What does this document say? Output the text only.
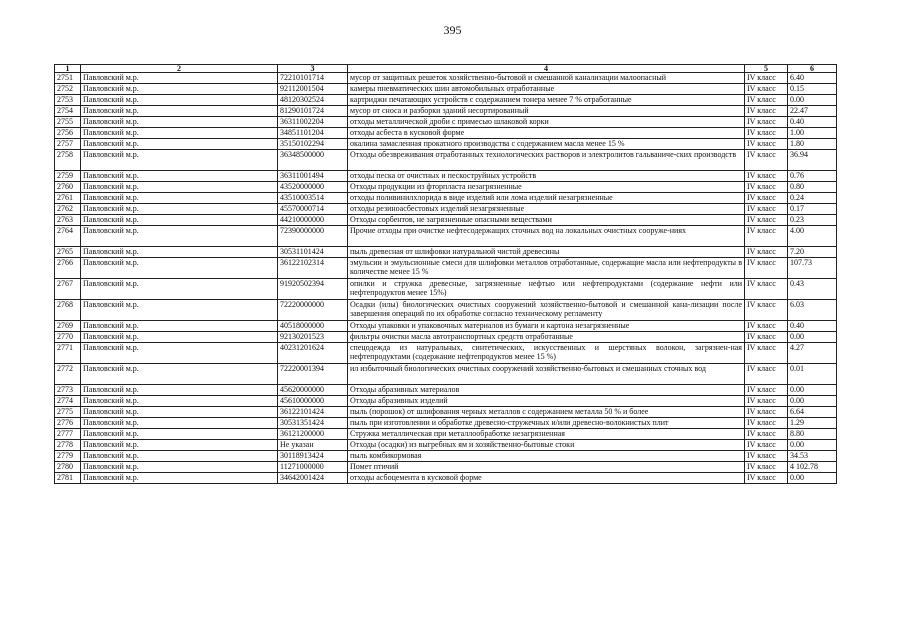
395
1	2	3	4	5	6
2751	Павловский м.р.	72210101714	мусор от защитных решеток хозяйственно-бытовой и смешанной канализации малоопасный	IV класс	6.40
2752	Павловский м.р.	92112001504	камеры пневматических шин автомобильных отработанные	IV класс	0.15
2753	Павловский м.р.	48120302524	картриджи печатающих устройств с содержанием тонера менее 7 % отработанные	IV класс	0.00
2754	Павловский м.р.	81290101724	мусор от сноса и разборки зданий несортированный	IV класс	22.47
2755	Павловский м.р.	36311002204	отходы металлической дроби с примесью шлаковой корки	IV класс	0.40
2756	Павловский м.р.	34851101204	отходы асбеста в кусковой форме	IV класс	1.00
2757	Павловский м.р.	35150102294	окалина замасленная прокатного производства с содержанием масла менее 15 %	IV класс	1.80
2758	Павловский м.р.	36348500000	Отходы обезвреживания отработанных технологических растворов и электролитов гальваниче-ских производств	IV класс	36.94
2759	Павловский м.р.	36311001494	отходы песка от очистных и пескоструйных устройств	IV класс	0.76
2760	Павловский м.р.	43520000000	Отходы продукции из фторпласта незагрязненные	IV класс	0.80
2761	Павловский м.р.	43510003514	отходы поливинилхлорида в виде изделий или лома изделий незагрязненные	IV класс	0.24
2762	Павловский м.р.	45570000714	отходы резиноасбестовых изделий незагрязненные	IV класс	0.17
2763	Павловский м.р.	44210000000	Отходы сорбентов, не загрязненные опасными веществами	IV класс	0.23
2764	Павловский м.р.	72390000000	Прочие отходы при очистке нефтесодержащих сточных вод на локальных очистных сооруже-ниях	IV класс	4.00
2765	Павловский м.р.	30531101424	пыль древесная от шлифовки натуральной чистой древесины	IV класс	7.20
2766	Павловский м.р.	36122102314	эмульсии и эмульсионные смеси для шлифовки металлов отработанные, содержащие масла или нефтепродукты в количестве менее 15 %	IV класс	107.73
2767	Павловский м.р.	91920502394	опилки и стружка древесные, загрязненные нефтью или нефтепродуктами (содержание нефти или нефтепродуктов менее 15%)	IV класс	0.43
2768	Павловский м.р.	72220000000	Осадки (илы) биологических очистных сооружений хозяйственно-бытовой и смешанной кана-лизации после завершения операций по их обработке согласно техническому регламенту	IV класс	6.03
2769	Павловский м.р.	40518000000	Отходы упаковки и упаковочных материалов из бумаги и картона незагрязненные	IV класс	0.40
2770	Павловский м.р.	92130201523	фильтры очистки масла автотранспортных средств отработанные	IV класс	0.00
2771	Павловский м.р.	40231201624	спецодежда из натуральных, синтетических, искусственных и шерстяных волокон, загрязнен-ная нефтепродуктами (содержание нефтепродуктов менее 15 %)	IV класс	4.27
2772	Павловский м.р.	72220001394	ил избыточный биологических очистных сооружений хозяйственно-бытовых и смешанных сточных вод	IV класс	0.01
2773	Павловский м.р.	45620000000	Отходы абразивных материалов	IV класс	0.00
2774	Павловский м.р.	45610000000	Отходы абразивных изделий	IV класс	0.00
2775	Павловский м.р.	36122101424	пыль (порошок) от шлифования черных металлов с содержанием металла 50 % и более	IV класс	6.64
2776	Павловский м.р.	30531351424	пыль при изготовлении и обработке древесно-стружечных и/или древесно-волокнистых плит	IV класс	1.29
2777	Павловский м.р.	36121200000	Стружка металлическая при металлообработке незагрязненная	IV класс	8.80
2778	Павловский м.р.	Не указан	Отходы (осадки) из выгребных ям и хозяйственно-бытовые стоки	IV класс	0.00
2779	Павловский м.р.	30118913424	пыль комбикормовая	IV класс	34.53
2780	Павловский м.р.	11271000000	Помет птичий	IV класс	4 102.78
2781	Павловский м.р.	34642001424	отходы асбоцемента в кусковой форме	IV класс	0.00
